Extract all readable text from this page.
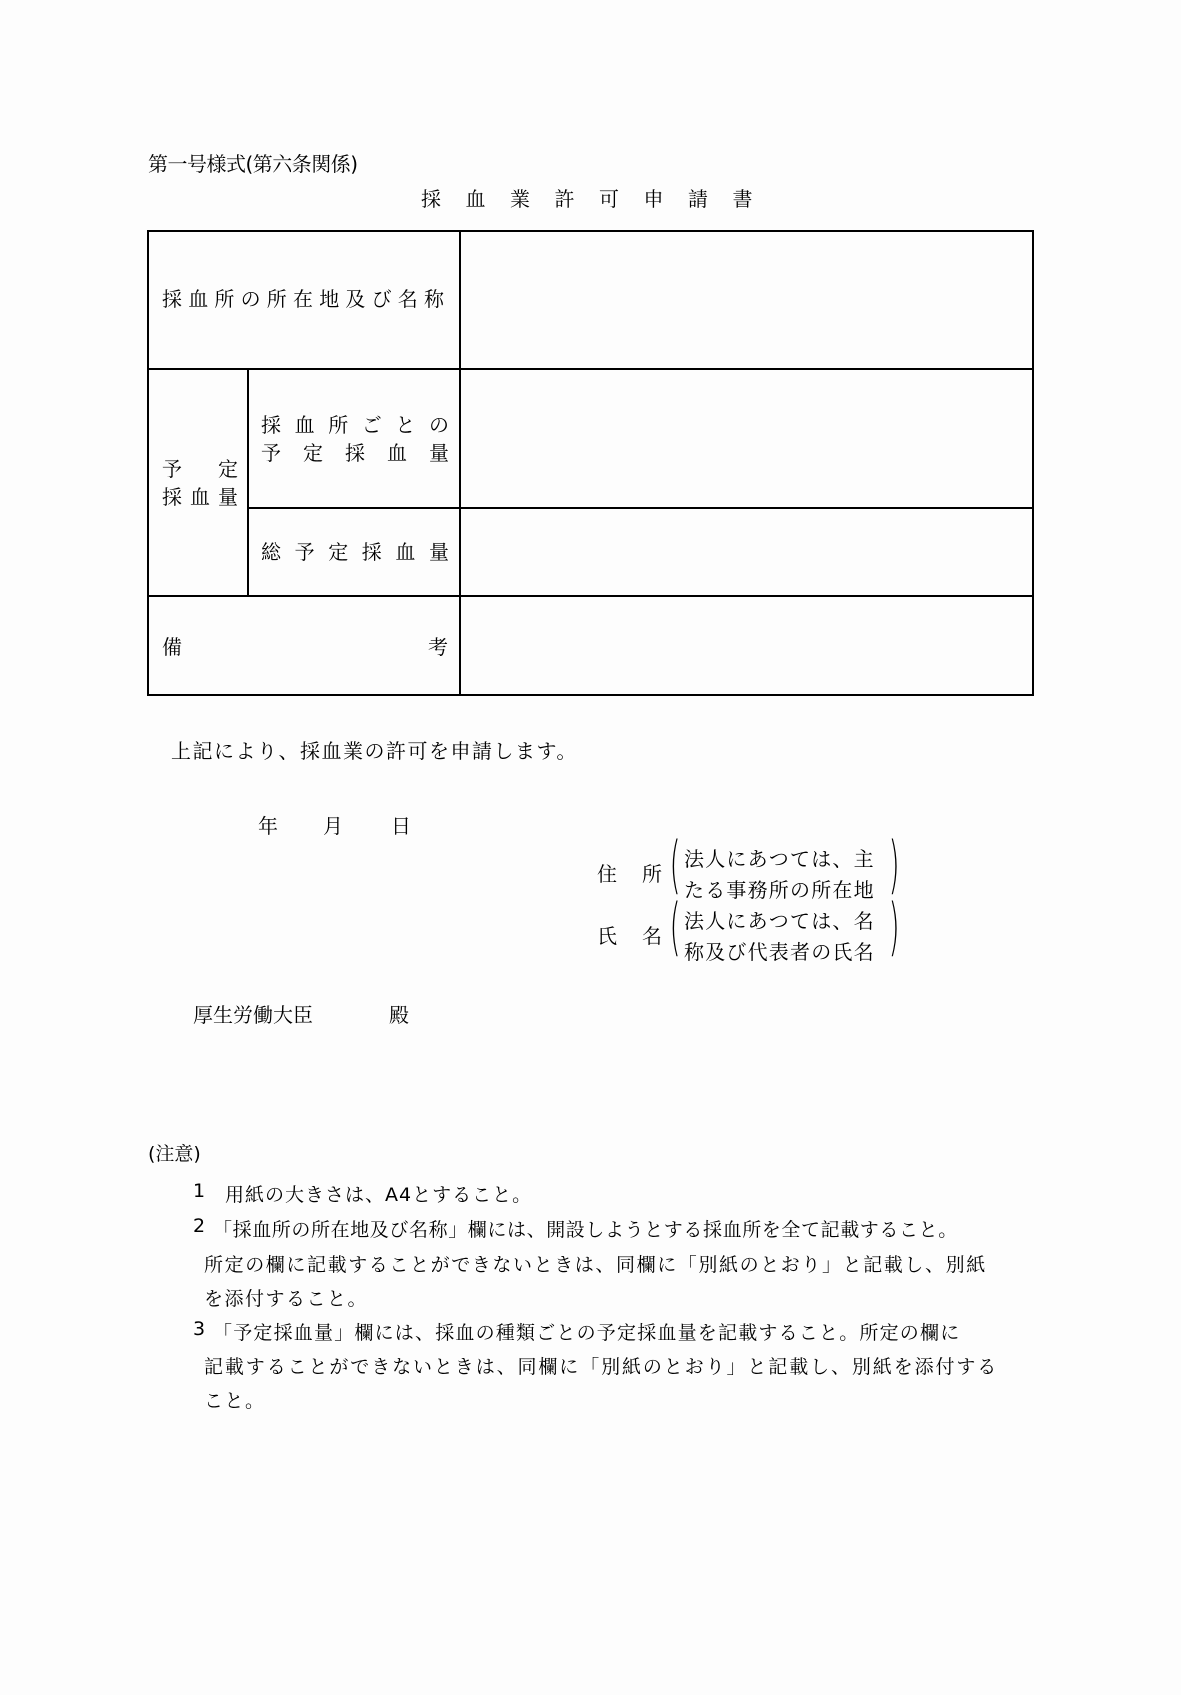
第一号様式(第六条関係)
採血業許可申請書
採血所の所在地及び名称
予 定
採血量
採 血 所 ご と の
予 定 採 血 量
総 予 定 採 血 量
備	考
上記により、採血業の許可を申請します。
年 月 日
住 所 ( 法人にあつては、主
たる事務所の所在地 )
氏 名 ( 法人にあつては、名
称及び代表者の氏名 )
厚生労働大臣	殿
(注意)
1 用紙の大きさは、A4とすること。
2 「採血所の所在地及び名称」欄には、開設しようとする採血所を全て記載すること。
所定の欄に記載することができないときは、同欄に「別紙のとおり」と記載し、別紙
を添付すること。
3 「予定採血量」欄には、採血の種類ごとの予定採血量を記載すること。所定の欄に
記載することができないときは、同欄に「別紙のとおり」と記載し、別紙を添付する
こと。
